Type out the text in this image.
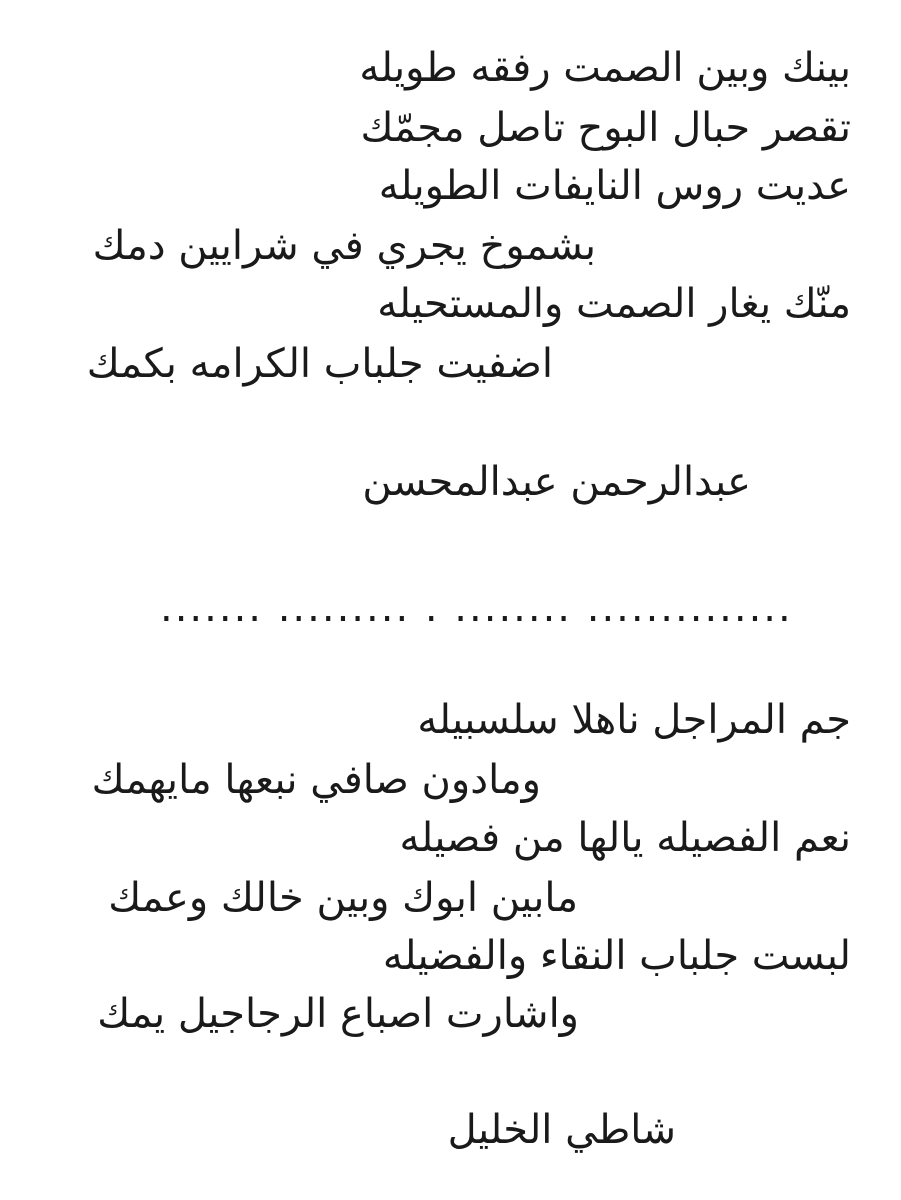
بينك وبين الصمت رفقه طويله
تقصر حبال البوح تاصل مجمّك
عديت روس النايفات الطويله
بشموخ يجري في شرايين دمك
منّك يغار الصمت والمستحيله
اضفيت جلباب الكرامه بكمك
عبدالرحمن عبدالمحسن
....... ......... . ........ ..............
جم المراجل ناهلا سلسبيله
ومادون صافي نبعها مايهمك
نعم الفصيله يالها من فصيله
مابين ابوك وبين خالك وعمك
لبست جلباب النقاء والفضيله
واشارت اصباع الرجاجيل يمك
شاطي الخليل
